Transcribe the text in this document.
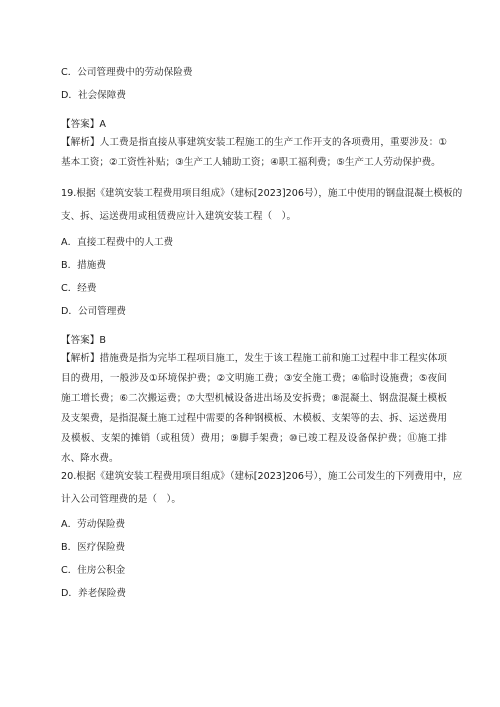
C．公司管理费中的劳动保险费
D．社会保障费
【答案】A
【解析】人工费是指直接从事建筑安装工程施工的生产工作开支的各项费用，重要涉及：①基本工资；②工资性补贴；③生产工人辅助工资；④职工福利费；⑤生产工人劳动保护费。
19.根据《建筑安装工程费用项目组成》（建标[2023]206号），施工中使用的钢盘混凝土模板的
支、拆、运送费用或租赁费应计入建筑安装工程（　）。
A．直接工程费中的人工费
B．措施费
C．经费
D．公司管理费
【答案】B
【解析】措施费是指为完毕工程项目施工，发生于该工程施工前和施工过程中非工程实体项目的费用，一般涉及①环境保护费；②文明施工费；③安全施工费；④临时设施费；⑤夜间施工增长费；⑥二次搬运费；⑦大型机械设备进出场及安拆费；⑧混凝土、钢盘混凝土模板及支架费，是指混凝土施工过程中需要的各种钢模板、木模板、支架等的去、拆、运送费用及模板、支架的摊销（或租赁）费用；⑨脚手架费；⑩已竣工程及设备保护费；⑪施工排水、降水费。
20.根据《建筑安装工程费用项目组成》（建标[2023]206号），施工公司发生的下列费用中，应
计入公司管理费的是（　）。
A．劳动保险费
B．医疗保险费
C．住房公积金
D．养老保险费
